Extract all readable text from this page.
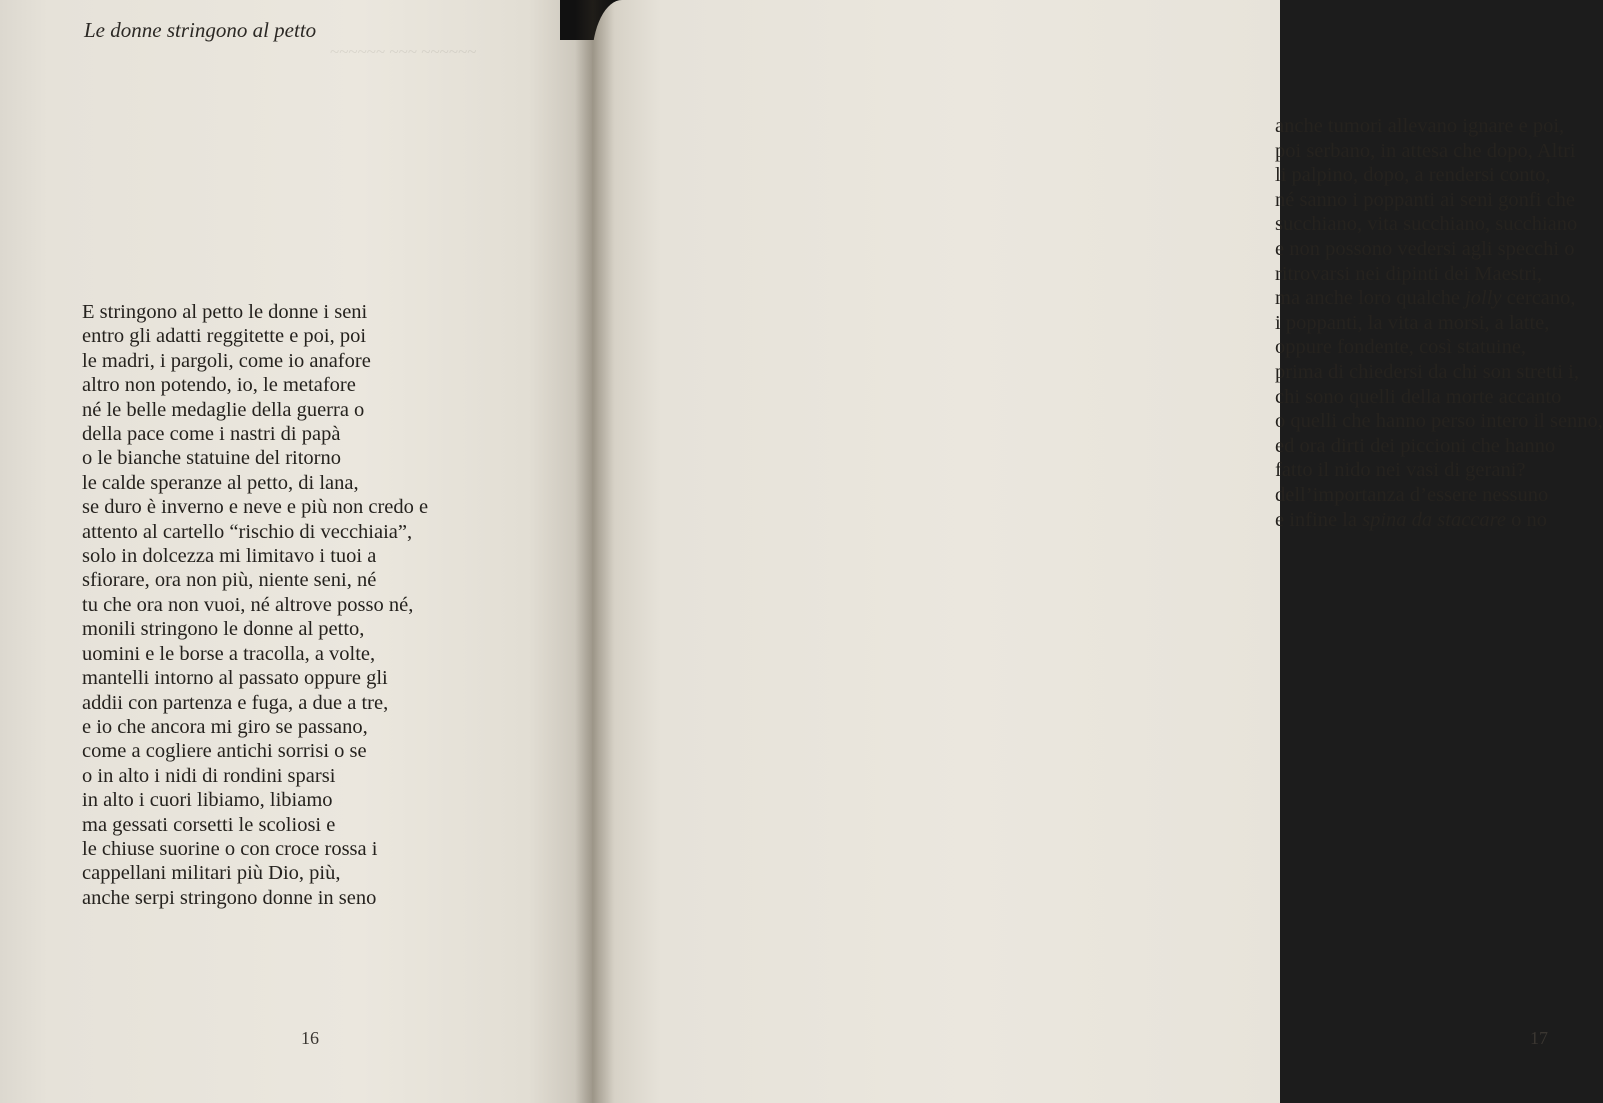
~~~~~~ ~~~ ~~~~~~
Le donne stringono al petto
E stringono al petto le donne i seni
entro gli adatti reggitette e poi, poi
le madri, i pargoli, come io anafore
altro non potendo, io, le metafore
né le belle medaglie della guerra o
della pace come i nastri di papà
o le bianche statuine del ritorno
le calde speranze al petto, di lana,
se duro è inverno e neve e più non credo e
attento al cartello “rischio di vecchiaia”,
solo in dolcezza mi limitavo i tuoi a
sfiorare, ora non più, niente seni, né
tu che ora non vuoi, né altrove posso né,
monili stringono le donne al petto,
uomini e le borse a tracolla, a volte,
mantelli intorno al passato oppure gli
addii con partenza e fuga, a due a tre,
e io che ancora mi giro se passano,
come a cogliere antichi sorrisi o se
o in alto i nidi di rondini sparsi
in alto i cuori libiamo, libiamo
ma gessati corsetti le scoliosi e
le chiuse suorine o con croce rossa i
cappellani militari più Dio, più,
anche serpi stringono donne in seno
16
anche tumori allevano ignare e poi,
poi serbano, in attesa che dopo, Altri
li palpino, dopo, a rendersi conto,
né sanno i poppanti ai seni gonfi che
succhiano, vita succhiano, succhiano
e non possono vedersi agli specchi o
ritrovarsi nei dipinti dei Maestri,
ma anche loro qualche jolly cercano,
i poppanti, la vita a morsi, a latte,
oppure fondente, così statuine,
prima di chiedersi da chi son stretti i,
chi sono quelli della morte accanto
o quelli che hanno perso intero il senno,
ed ora dirti dei piccioni che hanno
fatto il nido nei vasi di gerani?
dell’importanza d’essere nessuno
e infine la spina da staccare o no
17
